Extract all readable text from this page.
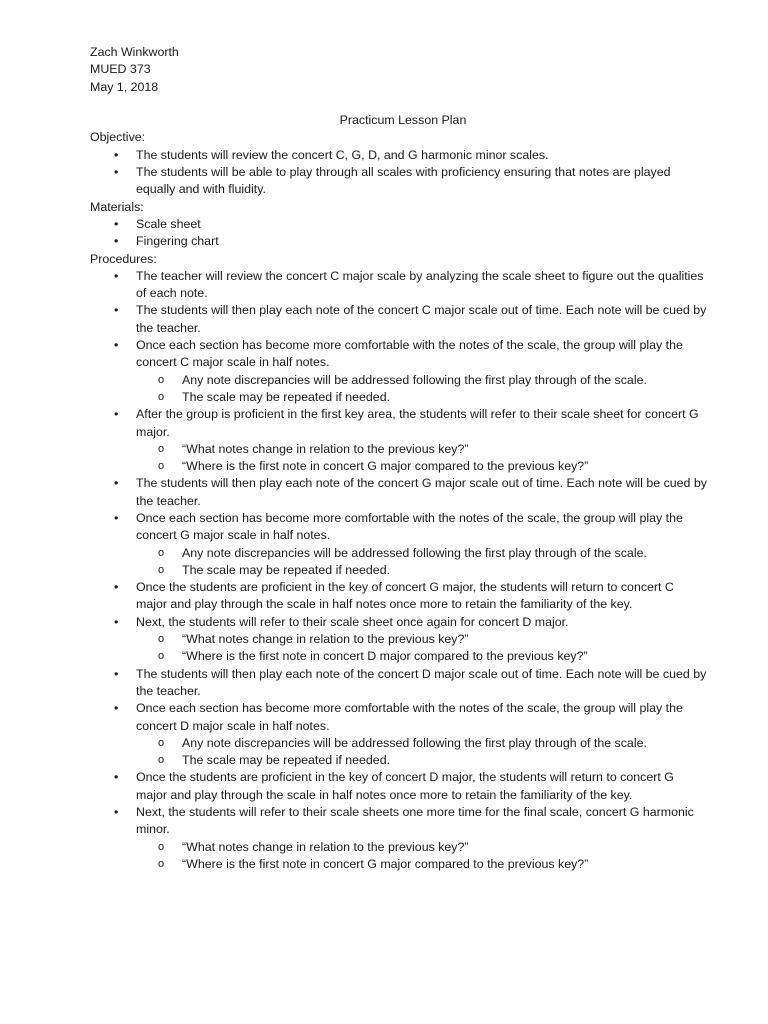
Zach Winkworth
MUED 373
May 1, 2018
Practicum Lesson Plan
Objective:
• The students will review the concert C, G, D, and G harmonic minor scales.
• The students will be able to play through all scales with proficiency ensuring that notes are played equally and with fluidity.
Materials:
• Scale sheet
• Fingering chart
Procedures:
• The teacher will review the concert C major scale by analyzing the scale sheet to figure out the qualities of each note.
• The students will then play each note of the concert C major scale out of time. Each note will be cued by the teacher.
• Once each section has become more comfortable with the notes of the scale, the group will play the concert C major scale in half notes.
o Any note discrepancies will be addressed following the first play through of the scale.
o The scale may be repeated if needed.
• After the group is proficient in the first key area, the students will refer to their scale sheet for concert G major.
o “What notes change in relation to the previous key?”
o “Where is the first note in concert G major compared to the previous key?”
• The students will then play each note of the concert G major scale out of time. Each note will be cued by the teacher.
• Once each section has become more comfortable with the notes of the scale, the group will play the concert G major scale in half notes.
o Any note discrepancies will be addressed following the first play through of the scale.
o The scale may be repeated if needed.
• Once the students are proficient in the key of concert G major, the students will return to concert C major and play through the scale in half notes once more to retain the familiarity of the key.
• Next, the students will refer to their scale sheet once again for concert D major.
o “What notes change in relation to the previous key?”
o “Where is the first note in concert D major compared to the previous key?”
• The students will then play each note of the concert D major scale out of time. Each note will be cued by the teacher.
• Once each section has become more comfortable with the notes of the scale, the group will play the concert D major scale in half notes.
o Any note discrepancies will be addressed following the first play through of the scale.
o The scale may be repeated if needed.
• Once the students are proficient in the key of concert D major, the students will return to concert G major and play through the scale in half notes once more to retain the familiarity of the key.
• Next, the students will refer to their scale sheets one more time for the final scale, concert G harmonic minor.
o “What notes change in relation to the previous key?”
o “Where is the first note in concert G major compared to the previous key?”
